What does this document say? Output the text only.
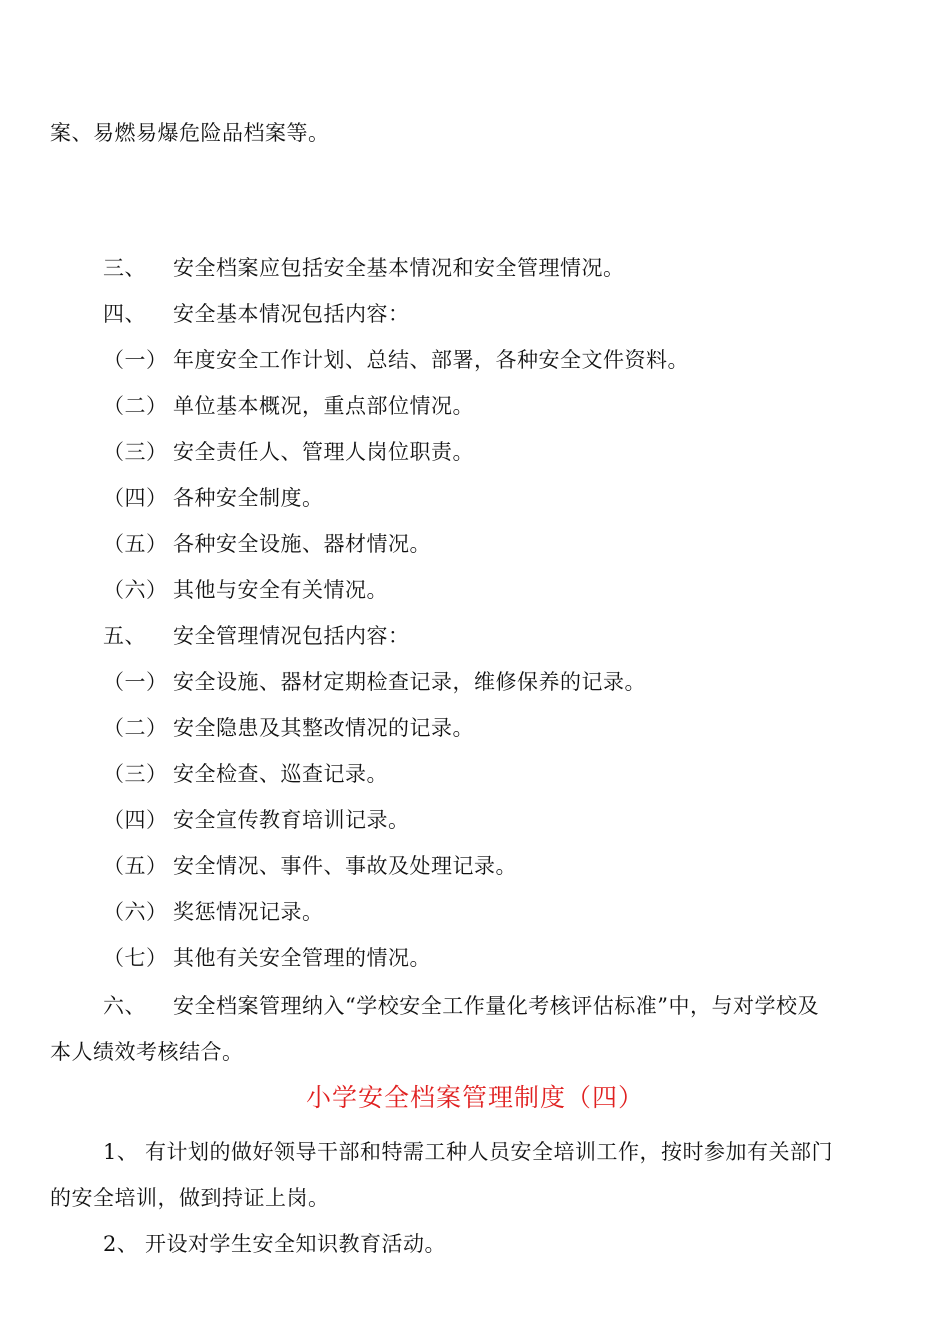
案、易燃易爆危险品档案等。
三、 安全档案应包括安全基本情况和安全管理情况。
四、 安全基本情况包括内容：
（一） 年度安全工作计划、总结、部署，各种安全文件资料。
（二） 单位基本概况，重点部位情况。
（三） 安全责任人、管理人岗位职责。
（四） 各种安全制度。
（五） 各种安全设施、器材情况。
（六） 其他与安全有关情况。
五、 安全管理情况包括内容：
（一） 安全设施、器材定期检查记录，维修保养的记录。
（二） 安全隐患及其整改情况的记录。
（三） 安全检查、巡查记录。
（四） 安全宣传教育培训记录。
（五） 安全情况、事件、事故及处理记录。
（六） 奖惩情况记录。
（七） 其他有关安全管理的情况。
六、 安全档案管理纳入“学校安全工作量化考核评估标准”中，与对学校及
本人绩效考核结合。
小学安全档案管理制度（四）
1、 有计划的做好领导干部和特需工种人员安全培训工作，按时参加有关部门
的安全培训，做到持证上岗。
2、 开设对学生安全知识教育活动。
